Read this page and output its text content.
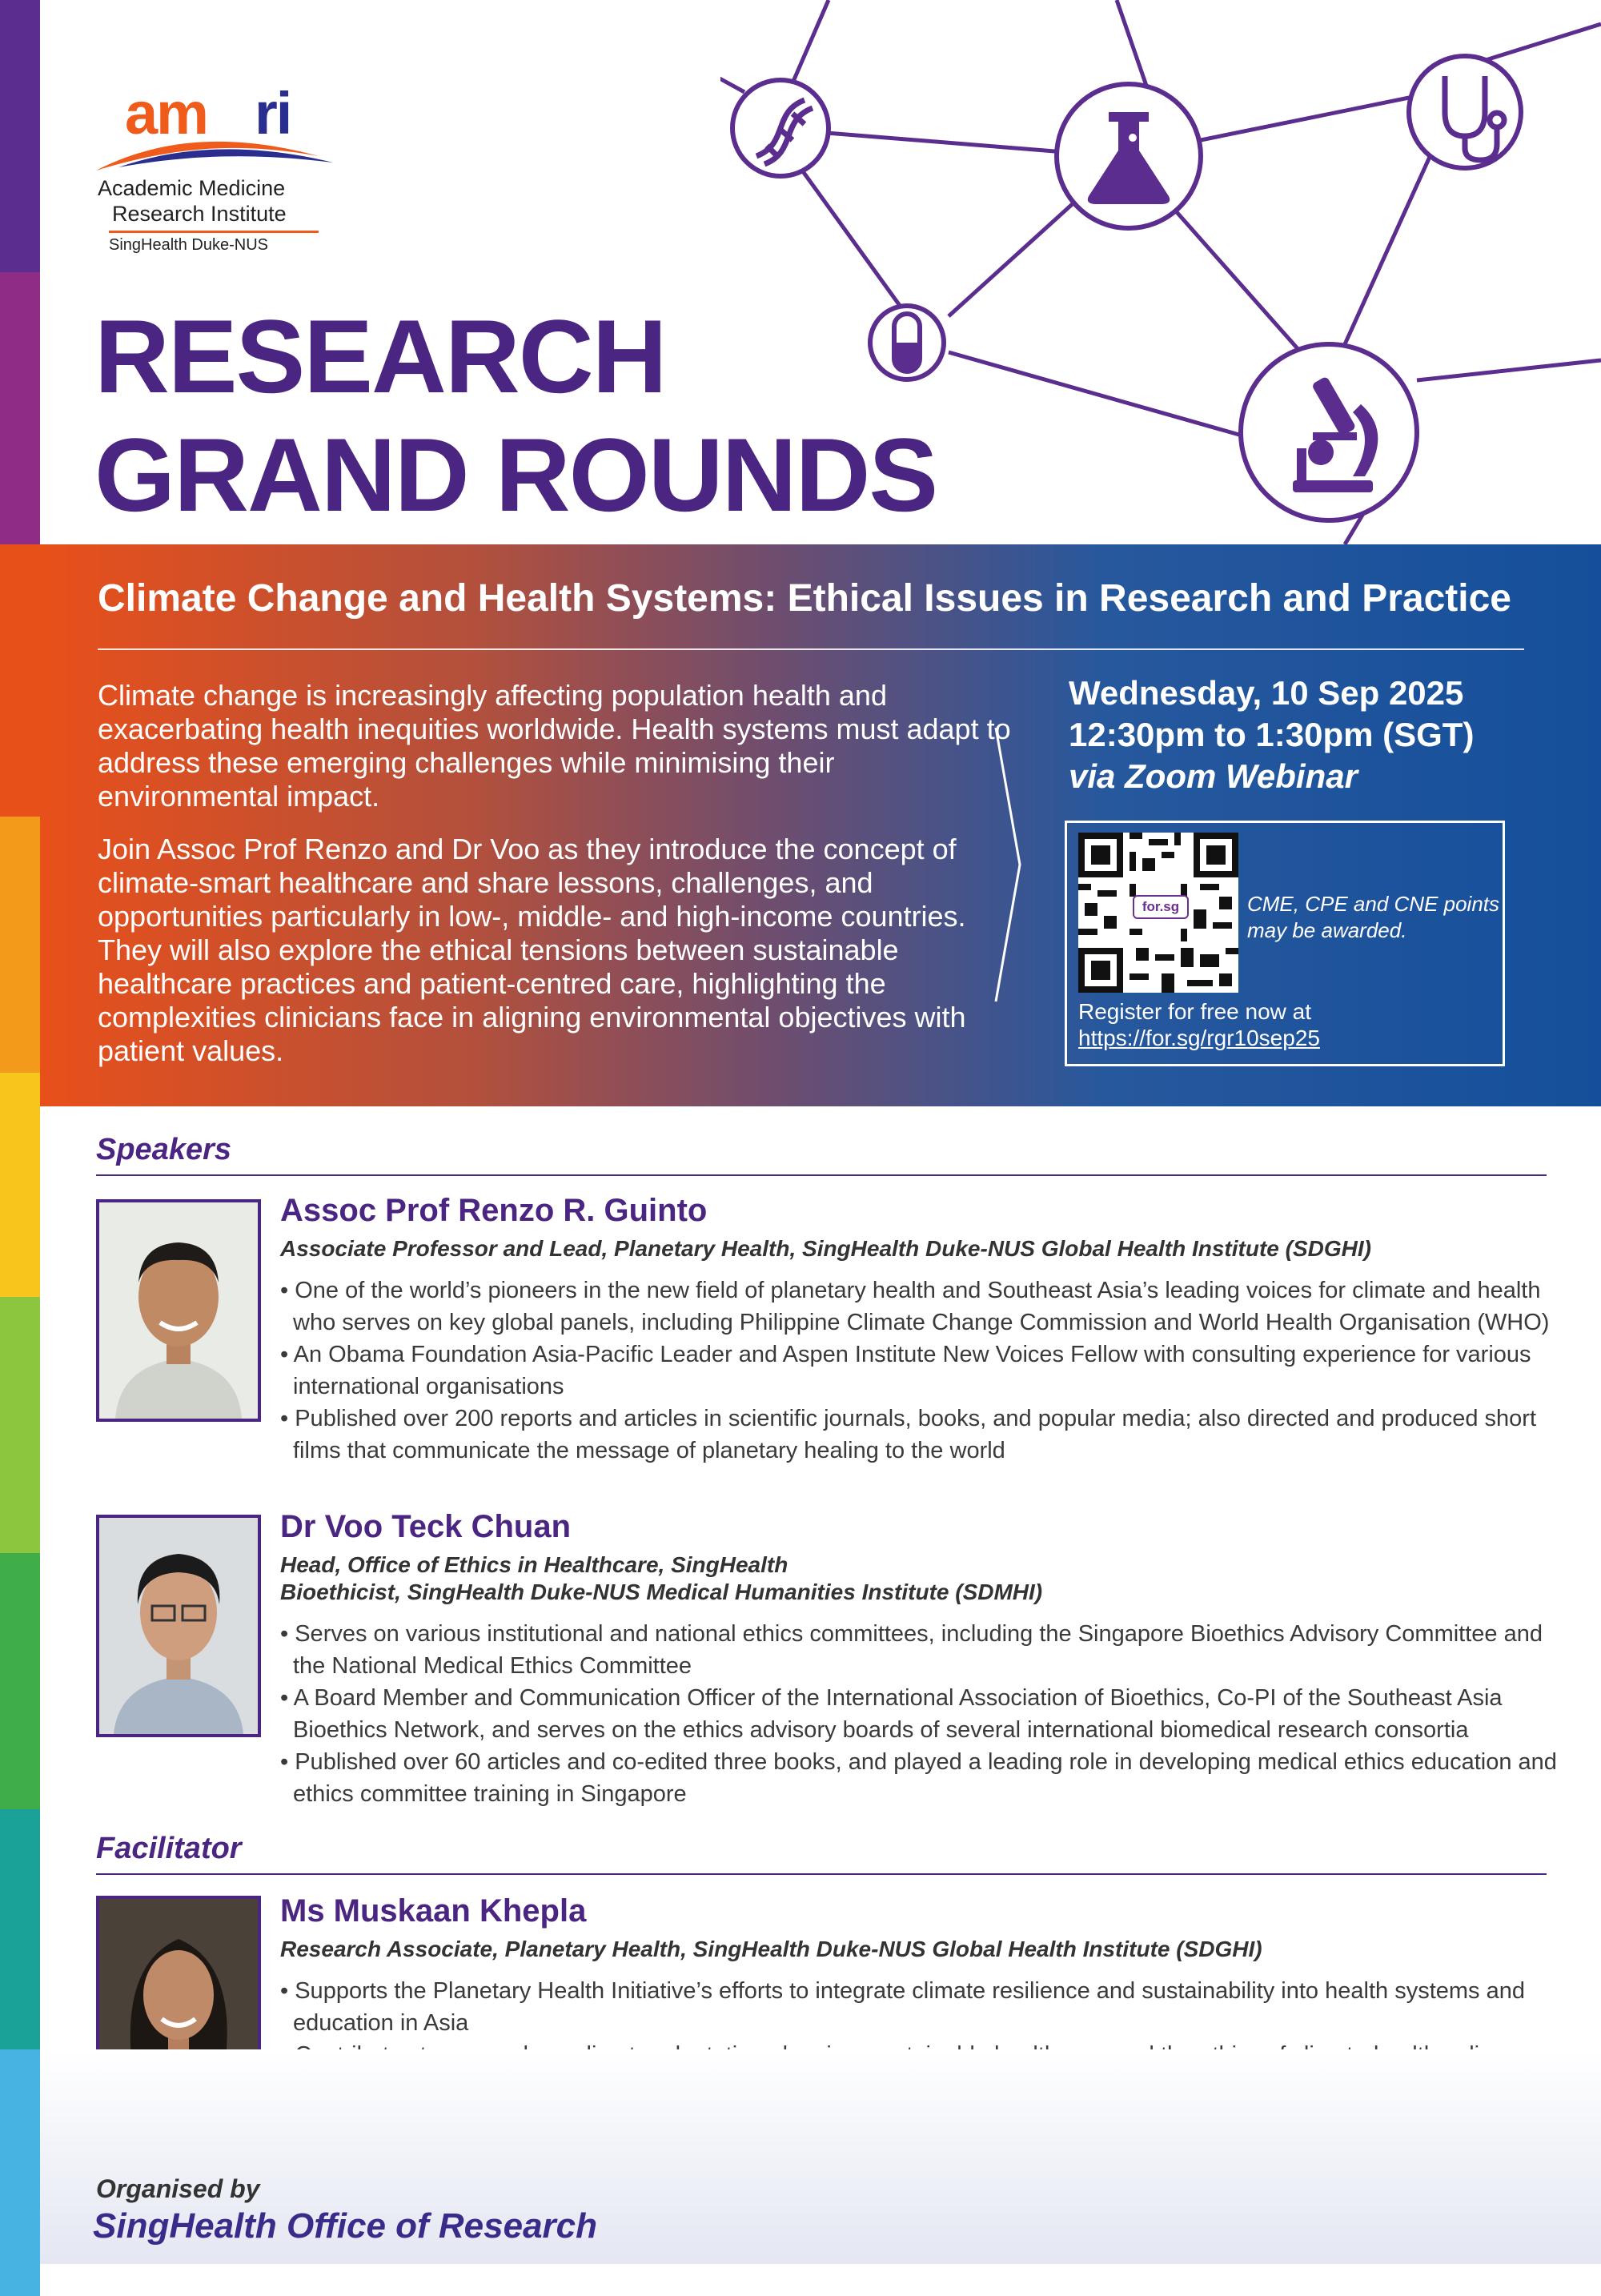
am ri
Academic Medicine
Research Institute
SingHealth Duke-NUS
RESEARCH
GRAND ROUNDS
Climate Change and Health Systems: Ethical Issues in Research and Practice
Climate change is increasingly affecting population health and exacerbating health inequities worldwide. Health systems must adapt to address these emerging challenges while minimising their environmental impact.
Join Assoc Prof Renzo and Dr Voo as they introduce the concept of climate-smart healthcare and share lessons, challenges, and opportunities particularly in low-, middle- and high-income countries. They will also explore the ethical tensions between sustainable healthcare practices and patient-centred care, highlighting the complexities clinicians face in aligning environmental objectives with patient values.
Wednesday, 10 Sep 2025
12:30pm to 1:30pm (SGT)
via Zoom Webinar
for.sg	CME, CPE and CNE points may be awarded.
Register for free now at
https://for.sg/rgr10sep25
Speakers
Assoc Prof Renzo R. Guinto
Associate Professor and Lead, Planetary Health, SingHealth Duke-NUS Global Health Institute (SDGHI)
• One of the world’s pioneers in the new field of planetary health and Southeast Asia’s leading voices for climate and health who serves on key global panels, including Philippine Climate Change Commission and World Health Organisation (WHO)
• An Obama Foundation Asia-Pacific Leader and Aspen Institute New Voices Fellow with consulting experience for various international organisations
• Published over 200 reports and articles in scientific journals, books, and popular media; also directed and produced short films that communicate the message of planetary healing to the world
Dr Voo Teck Chuan
Head, Office of Ethics in Healthcare, SingHealth
Bioethicist, SingHealth Duke-NUS Medical Humanities Institute (SDMHI)
• Serves on various institutional and national ethics committees, including the Singapore Bioethics Advisory Committee and the National Medical Ethics Committee
• A Board Member and Communication Officer of the International Association of Bioethics, Co-PI of the Southeast Asia Bioethics Network, and serves on the ethics advisory boards of several international biomedical research consortia
• Published over 60 articles and co-edited three books, and played a leading role in developing medical ethics education and ethics committee training in Singapore
Facilitator
Ms Muskaan Khepla
Research Associate, Planetary Health, SingHealth Duke-NUS Global Health Institute (SDGHI)
• Supports the Planetary Health Initiative’s efforts to integrate climate resilience and sustainability into health systems and education in Asia
Organised by
SingHealth Office of Research
